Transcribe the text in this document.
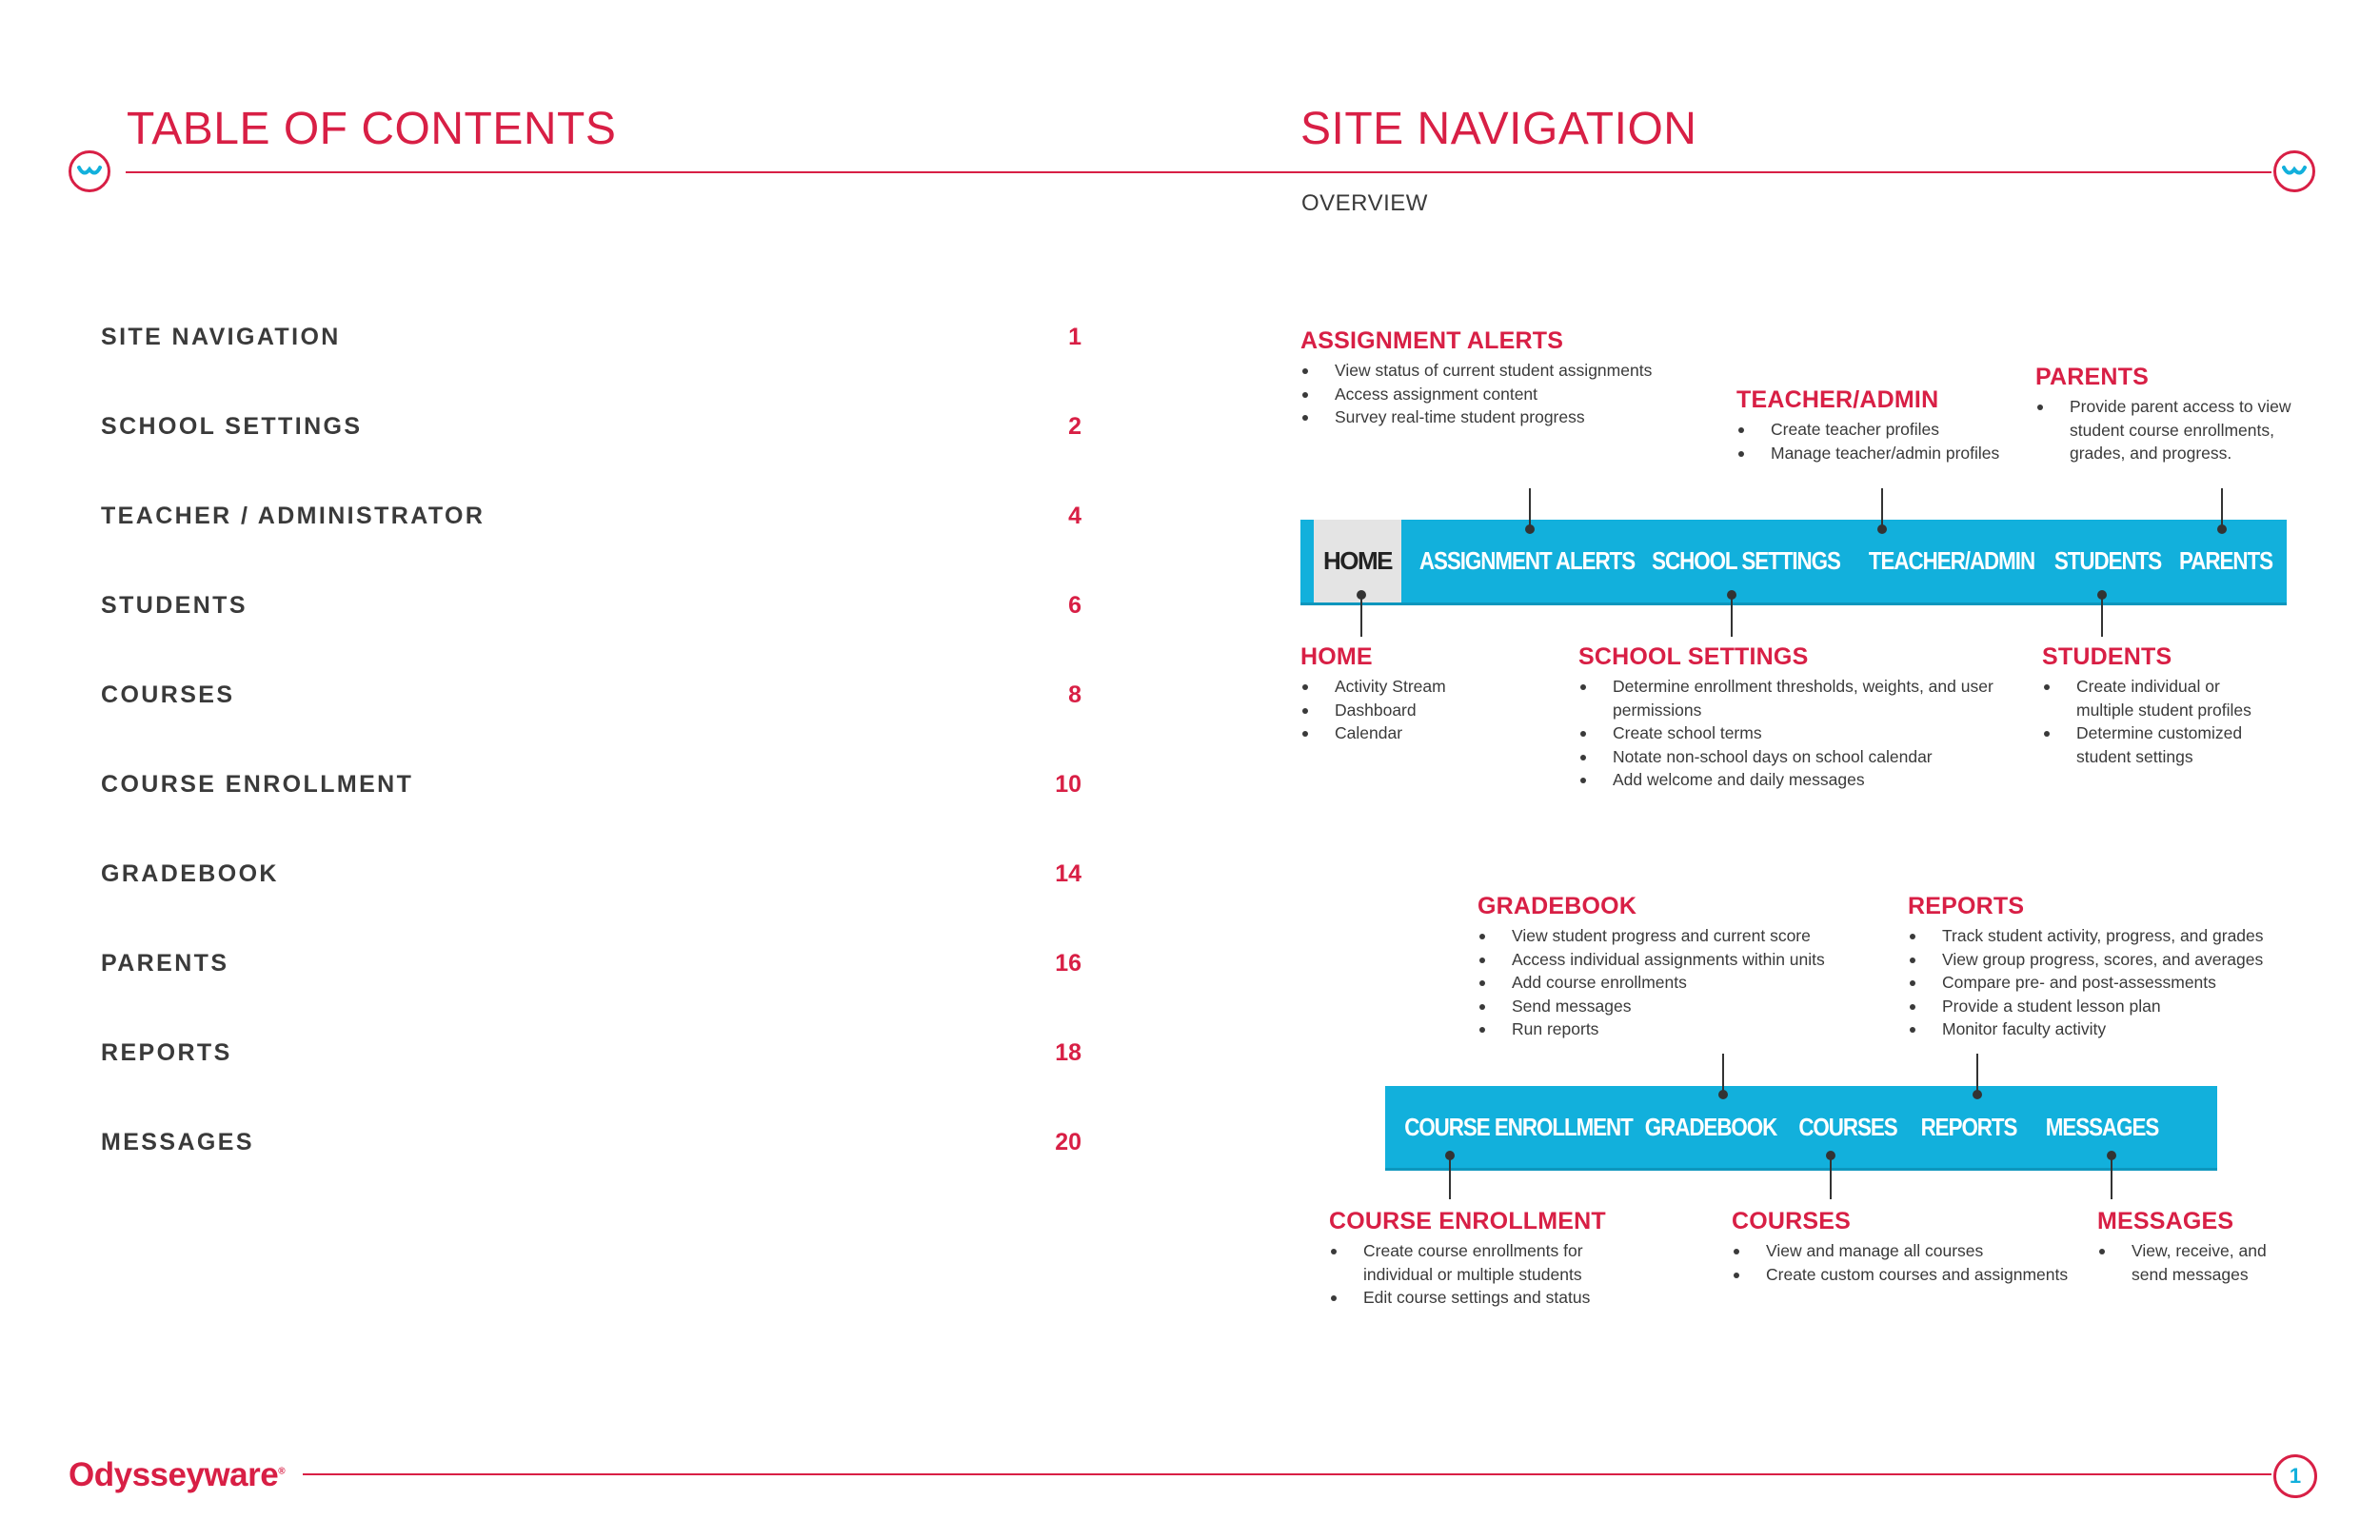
TABLE OF CONTENTS
SITE NAVIGATION	1
SCHOOL SETTINGS	2
TEACHER / ADMINISTRATOR	4
STUDENTS	6
COURSES	8
COURSE ENROLLMENT	10
GRADEBOOK	14
PARENTS	16
REPORTS	18
MESSAGES	20
SITE NAVIGATION
OVERVIEW
HOME	ASSIGNMENT ALERTS SCHOOL SETTINGS TEACHER/ADMIN STUDENTS PARENTS
ASSIGNMENT ALERTS
View status of current student assignments
Access assignment content
Survey real-time student progress
TEACHER/ADMIN
Create teacher profiles
Manage teacher/admin profiles
PARENTS
Provide parent access to view student course enrollments, grades, and progress.
HOME
Activity Stream
Dashboard
Calendar
SCHOOL SETTINGS
Determine enrollment thresholds, weights, and user permissions
Create school terms
Notate non-school days on school calendar
Add welcome and daily messages
STUDENTS
Create individual or multiple student profiles
Determine customized student settings
COURSE ENROLLMENT GRADEBOOK COURSES REPORTS MESSAGES
GRADEBOOK
View student progress and current score
Access individual assignments within units
Add course enrollments
Send messages
Run reports
REPORTS
Track student activity, progress, and grades
View group progress, scores, and averages
Compare pre- and post-assessments
Provide a student lesson plan
Monitor faculty activity
COURSE ENROLLMENT
Create course enrollments for individual or multiple students
Edit course settings and status
COURSES
View and manage all courses
Create custom courses and assignments
MESSAGES
View, receive, and send messages
Odysseyware®	1
